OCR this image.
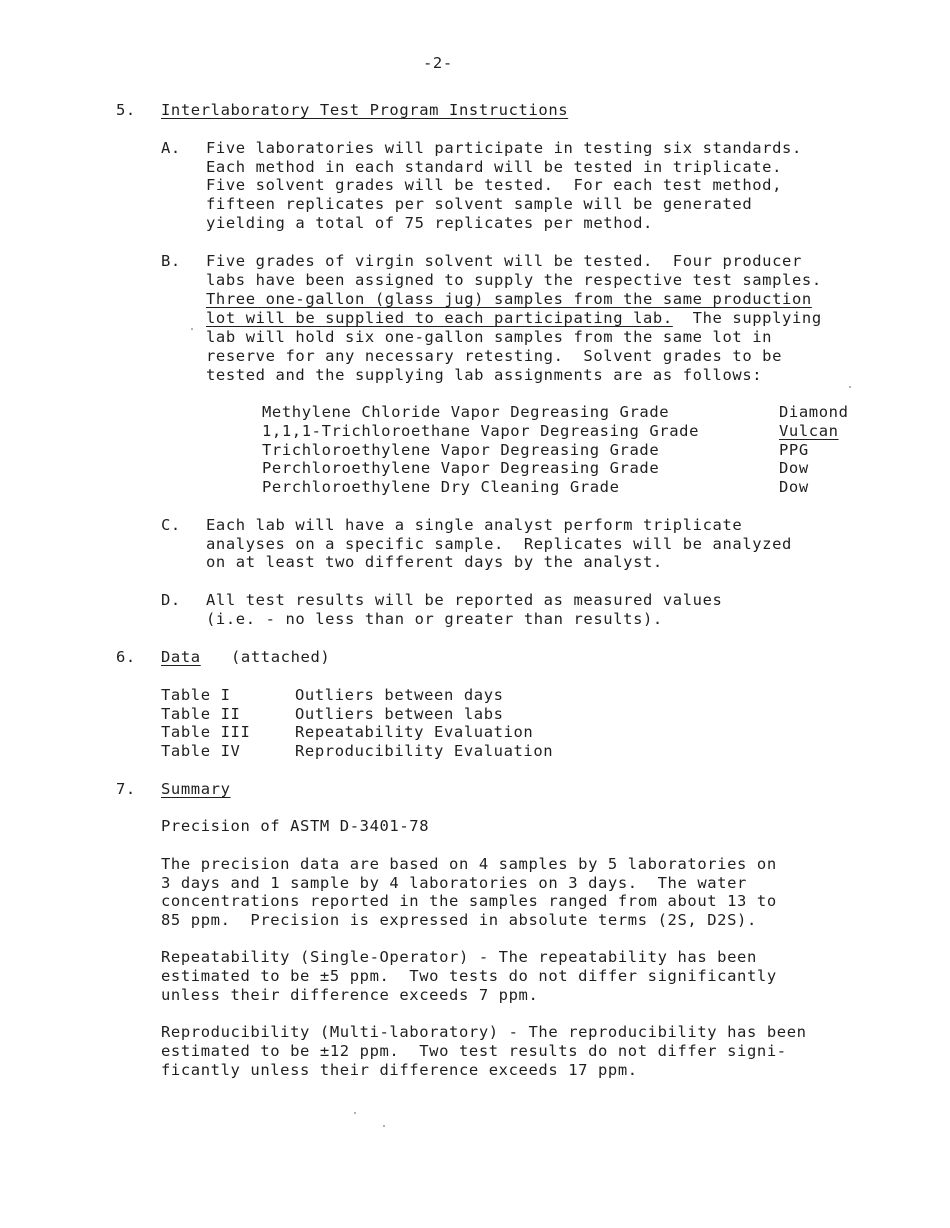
-2-
5. Interlaboratory Test Program Instructions
A. Five laboratories will participate in testing six standards.
Each method in each standard will be tested in triplicate.
Five solvent grades will be tested.  For each test method,
fifteen replicates per solvent sample will be generated
yielding a total of 75 replicates per method.
B. Five grades of virgin solvent will be tested.  Four producer
labs have been assigned to supply the respective test samples.
Three one-gallon (glass jug) samples from the same production
lot will be supplied to each participating lab.  The supplying
lab will hold six one-gallon samples from the same lot in
reserve for any necessary retesting.  Solvent grades to be
tested and the supplying lab assignments are as follows:
Methylene Chloride Vapor Degreasing Grade	Diamond
1,1,1-Trichloroethane Vapor Degreasing Grade	Vulcan
Trichloroethylene Vapor Degreasing Grade	PPG
Perchloroethylene Vapor Degreasing Grade	Dow
Perchloroethylene Dry Cleaning Grade	Dow
C. Each lab will have a single analyst perform triplicate
analyses on a specific sample.  Replicates will be analyzed
on at least two different days by the analyst.
D. All test results will be reported as measured values
(i.e. - no less than or greater than results).
6. Data (attached)
Table I	Outliers between days
Table II	Outliers between labs
Table III	Repeatability Evaluation
Table IV	Reproducibility Evaluation
7. Summary
Precision of ASTM D-3401-78
The precision data are based on 4 samples by 5 laboratories on
3 days and 1 sample by 4 laboratories on 3 days.  The water
concentrations reported in the samples ranged from about 13 to
85 ppm.  Precision is expressed in absolute terms (2S, D2S).
Repeatability (Single-Operator) - The repeatability has been
estimated to be ±5 ppm.  Two tests do not differ significantly
unless their difference exceeds 7 ppm.
Reproducibility (Multi-laboratory) - The reproducibility has been
estimated to be ±12 ppm.  Two test results do not differ signi-
ficantly unless their difference exceeds 17 ppm.
